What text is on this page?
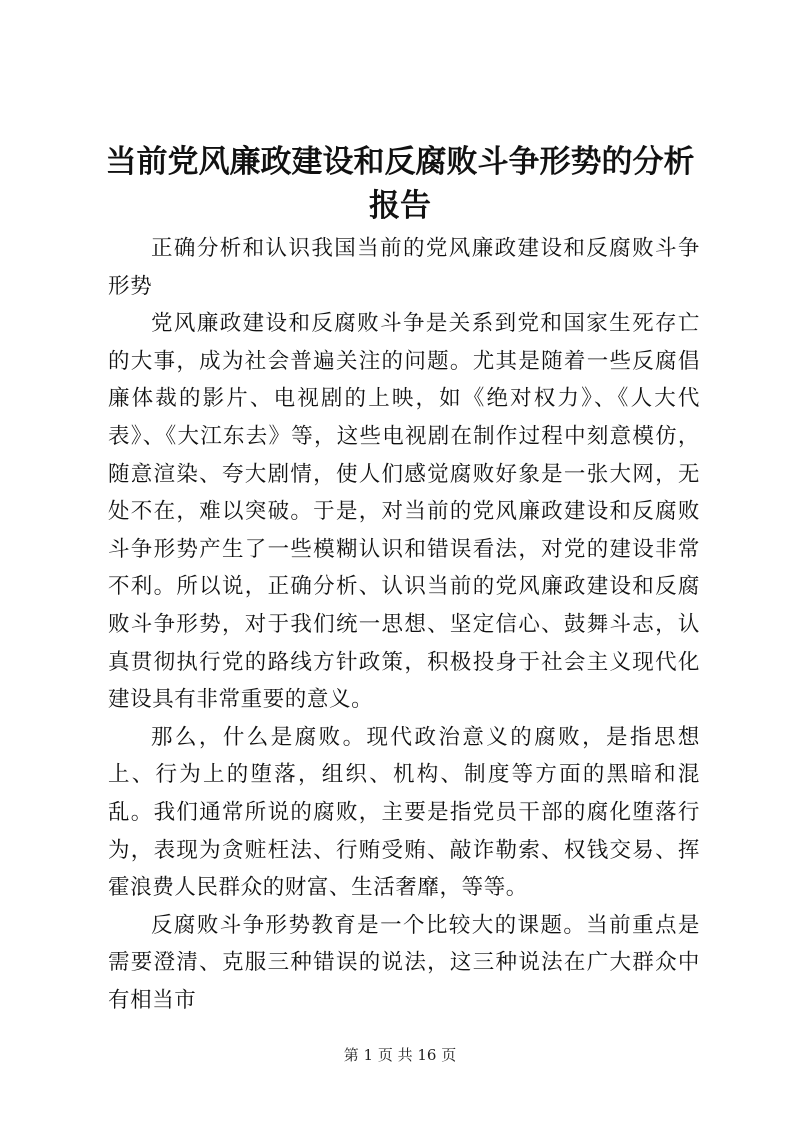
当前党风廉政建设和反腐败斗争形势的分析报告

正确分析和认识我国当前的党风廉政建设和反腐败斗争形势

党风廉政建设和反腐败斗争是关系到党和国家生死存亡的大事，成为社会普遍关注的问题。尤其是随着一些反腐倡廉体裁的影片、电视剧的上映，如《绝对权力》、《人大代表》、《大江东去》等，这些电视剧在制作过程中刻意模仿，随意渲染、夸大剧情，使人们感觉腐败好象是一张大网，无处不在，难以突破。于是，对当前的党风廉政建设和反腐败斗争形势产生了一些模糊认识和错误看法，对党的建设非常不利。所以说，正确分析、认识当前的党风廉政建设和反腐败斗争形势，对于我们统一思想、坚定信心、鼓舞斗志，认真贯彻执行党的路线方针政策，积极投身于社会主义现代化建设具有非常重要的意义。

那么，什么是腐败。现代政治意义的腐败，是指思想上、行为上的堕落，组织、机构、制度等方面的黑暗和混乱。我们通常所说的腐败，主要是指党员干部的腐化堕落行为，表现为贪赃枉法、行贿受贿、敲诈勒索、权钱交易、挥霍浪费人民群众的财富、生活奢靡，等等。

反腐败斗争形势教育是一个比较大的课题。当前重点是需要澄清、克服三种错误的说法，这三种说法在广大群众中有相当市

第 1 页 共 16 页
